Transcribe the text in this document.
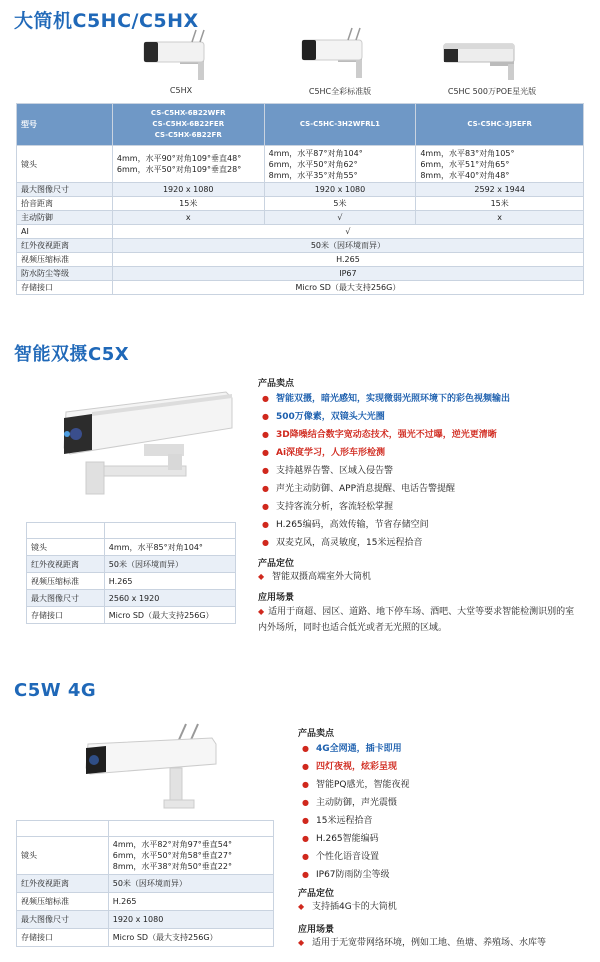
大筒机C5HC/C5HX
C5HX	C5HC全彩标准版	C5HC 500万POE星光版
型号	CS-C5HX-6B22WFR
CS-C5HX-6B22FER
CS-C5HX-6B22FR	CS-C5HC-3H2WFRL1	CS-C5HC-3J5EFR
镜头	4mm，水平90°对角109°垂直48°
6mm，水平50°对角109°垂直28°	4mm，水平87°对角104°
6mm，水平50°对角62°
8mm，水平35°对角55°	4mm，水平83°对角105°
6mm，水平51°对角65°
8mm，水平40°对角48°
最大图像尺寸	1920 x 1080	1920 x 1080	2592 x 1944
拾音距离	15米	5米	15米
主动防御	x	√	x
AI	√		
红外夜视距离	50米（因环境而异）		
视频压缩标准	H.265		
防水防尘等级	IP67		
存储接口	Micro SD（最大支持256G）		
智能双摄C5X
型号	CS-C5X-6B51F(E)R
镜头	4mm，水平85°对角104°
红外夜视距离	50米（因环境而异）
视频压缩标准	H.265
最大图像尺寸	2560 x 1920
存储接口	Micro SD（最大支持256G）
产品卖点
● 智能双摄，暗光感知，实现微弱光照环境下的彩色视频输出
● 500万像素，双镜头大光圈
● 3D降噪结合数字宽动态技术，强光不过曝，逆光更清晰
● Ai深度学习，人形车形检测
● 支持越界告警、区域入侵告警
● 声光主动防御、APP消息提醒、电话告警提醒
● 支持客流分析，客流轻松掌握
● H.265编码，高效传输，节省存储空间
● 双麦克风，高灵敏度，15米远程拾音
产品定位
◆ 智能双摄高端室外大筒机
应用场景
◆ 适用于商超、园区、道路、地下停车场、酒吧、大堂等要求智能检测识别的室内外场所，同时也适合低光或者无光照的区域。
C5W 4G
型号	CS-C5W-3H2FRL4GA
镜头	4mm，水平82°对角97°垂直54°
6mm，水平50°对角58°垂直27°
8mm，水平38°对角50°垂直22°
红外夜视距离	50米（因环境而异）
视频压缩标准	H.265
最大图像尺寸	1920 x 1080
存储接口	Micro SD（最大支持256G）
产品卖点
● 4G全网通，插卡即用
● 四灯夜视，炫彩呈现
● 智能PQ感光，智能夜视
● 主动防御，声光震慑
● 15米远程拾音
● H.265智能编码
● 个性化语音设置
● IP67防雨防尘等级
产品定位
◆ 支持插4G卡的大筒机
应用场景
◆ 适用于无宽带网络环境，例如工地、鱼塘、养殖场、水库等
